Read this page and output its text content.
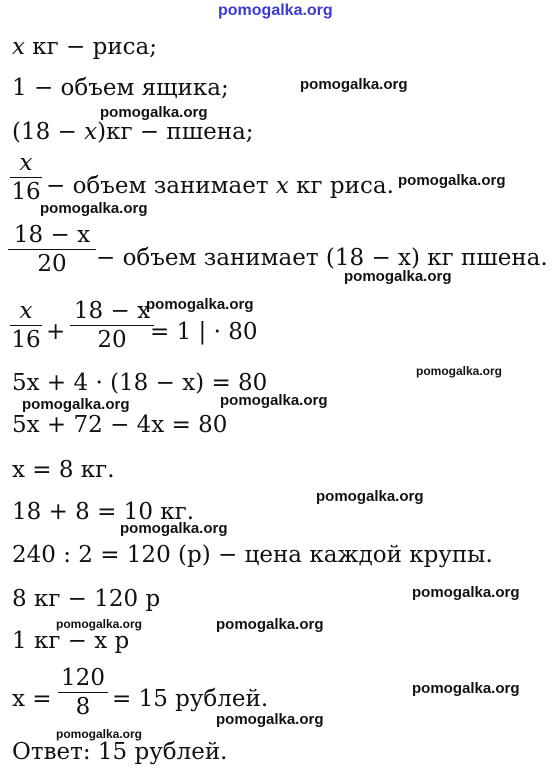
pomogalka.org
x кг − риса;
1 − объем ящика;
(18 − x)кг − пшена;
x
16 − объем занимает x кг риса.
18 − x
20	− объем занимает (18 − x) кг пшена.
x
16 +
18 − x
20	= 1 | · 80
5x + 4 · (18 − x) = 80
5x + 72 − 4x = 80
x = 8 кг.
18 + 8 = 10 кг.
240 : 2 = 120 (р) − цена каждой крупы.
8 кг − 120 р
1 кг − x р
x =
120
8 = 15 рублей.
Ответ: 15 рублей.
pomogalka.org
pomogalka.org
pomogalka.org
pomogalka.org
pomogalka.org
pomogalka.org
pomogalka.org
pomogalka.org	pomogalka.org
pomogalka.org
pomogalka.org
pomogalka.org
pomogalka.org	pomogalka.org
pomogalka.org
pomogalka.org
pomogalka.org
